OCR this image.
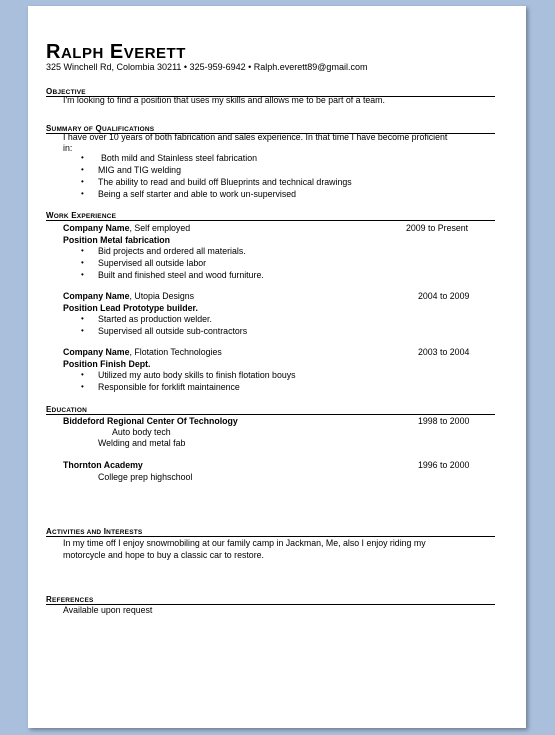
RALPH EVERETT
325 Winchell Rd, Colombia 30211 • 325-959-6942 • Ralph.everett89@gmail.com
OBJECTIVE
I'm looking to find a position that uses my skills and allows me to be part of a team.
SUMMARY OF QUALIFICATIONS
I have over 10 years of both fabrication and sales experience. In that time I have become proficient
in:
• Both mild and Stainless steel fabrication
• MIG and TIG welding
• The ability to read and build off Blueprints and technical drawings
• Being a self starter and able to work un-supervised
WORK EXPERIENCE
Company Name, Self employed	2009 to Present
Position Metal fabrication
• Bid projects and ordered all materials.
• Supervised all outside labor
• Built and finished steel and wood furniture.
Company Name, Utopia Designs	2004 to 2009
Position Lead Prototype builder.
• Started as production welder.
• Supervised all outside sub-contractors
Company Name, Flotation Technologies	2003 to 2004
Position Finish Dept.
• Utilized my auto body skills to finish flotation bouys
• Responsible for forklift maintainence
EDUCATION
Biddeford Regional Center Of Technology	1998 to 2000
Auto body tech
Welding and metal fab
Thornton Academy	1996 to 2000
College prep highschool
ACTIVITIES AND INTERESTS
In my time off I enjoy snowmobiling at our family camp in Jackman, Me, also I enjoy riding my
motorcycle and hope to buy a classic car to restore.
REFERENCES
Available upon request
